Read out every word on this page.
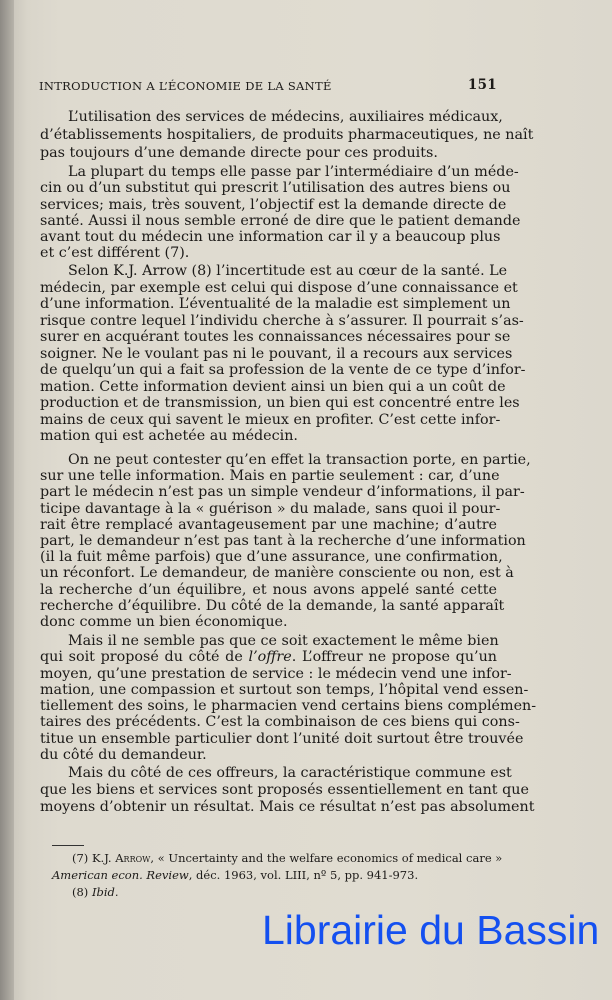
INTRODUCTION A L’ÉCONOMIE DE LA SANTÉ	151
L’utilisation des services de médecins, auxiliaires médicaux,
d’établissements hospitaliers, de produits pharmaceutiques, ne naît
pas toujours d’une demande directe pour ces produits.
La plupart du temps elle passe par l’intermédiaire d’un méde-
cin ou d’un substitut qui prescrit l’utilisation des autres biens ou
services; mais, très souvent, l’objectif est la demande directe de
santé. Aussi il nous semble erroné de dire que le patient demande
avant tout du médecin une information car il y a beaucoup plus
et c’est différent (7).
Selon K.J. Arrow (8) l’incertitude est au cœur de la santé. Le
médecin, par exemple est celui qui dispose d’une connaissance et
d’une information. L’éventualité de la maladie est simplement un
risque contre lequel l’individu cherche à s’assurer. Il pourrait s’as-
surer en acquérant toutes les connaissances nécessaires pour se
soigner. Ne le voulant pas ni le pouvant, il a recours aux services
de quelqu’un qui a fait sa profession de la vente de ce type d’infor-
mation. Cette information devient ainsi un bien qui a un coût de
production et de transmission, un bien qui est concentré entre les
mains de ceux qui savent le mieux en profiter. C’est cette infor-
mation qui est achetée au médecin.
On ne peut contester qu’en effet la transaction porte, en partie,
sur une telle information. Mais en partie seulement : car, d’une
part le médecin n’est pas un simple vendeur d’informations, il par-
ticipe davantage à la « guérison » du malade, sans quoi il pour-
rait être remplacé avantageusement par une machine; d’autre
part, le demandeur n’est pas tant à la recherche d’une information
(il la fuit même parfois) que d’une assurance, une confirmation,
un réconfort. Le demandeur, de manière consciente ou non, est à
la recherche d’un équilibre, et nous avons appelé santé cette
recherche d’équilibre. Du côté de la demande, la santé apparaît
donc comme un bien économique.
Mais il ne semble pas que ce soit exactement le même bien
qui soit proposé du côté de l’offre. L’offreur ne propose qu’un
moyen, qu’une prestation de service : le médecin vend une infor-
mation, une compassion et surtout son temps, l’hôpital vend essen-
tiellement des soins, le pharmacien vend certains biens complémen-
taires des précédents. C’est la combinaison de ces biens qui cons-
titue un ensemble particulier dont l’unité doit surtout être trouvée
du côté du demandeur.
Mais du côté de ces offreurs, la caractéristique commune est
que les biens et services sont proposés essentiellement en tant que
moyens d’obtenir un résultat. Mais ce résultat n’est pas absolument
(7) K.J. Arrow, « Uncertainty and the welfare economics of medical care »
American econ. Review, déc. 1963, vol. LIII, nº 5, pp. 941-973.
(8) Ibid.
Librairie du Bassin
